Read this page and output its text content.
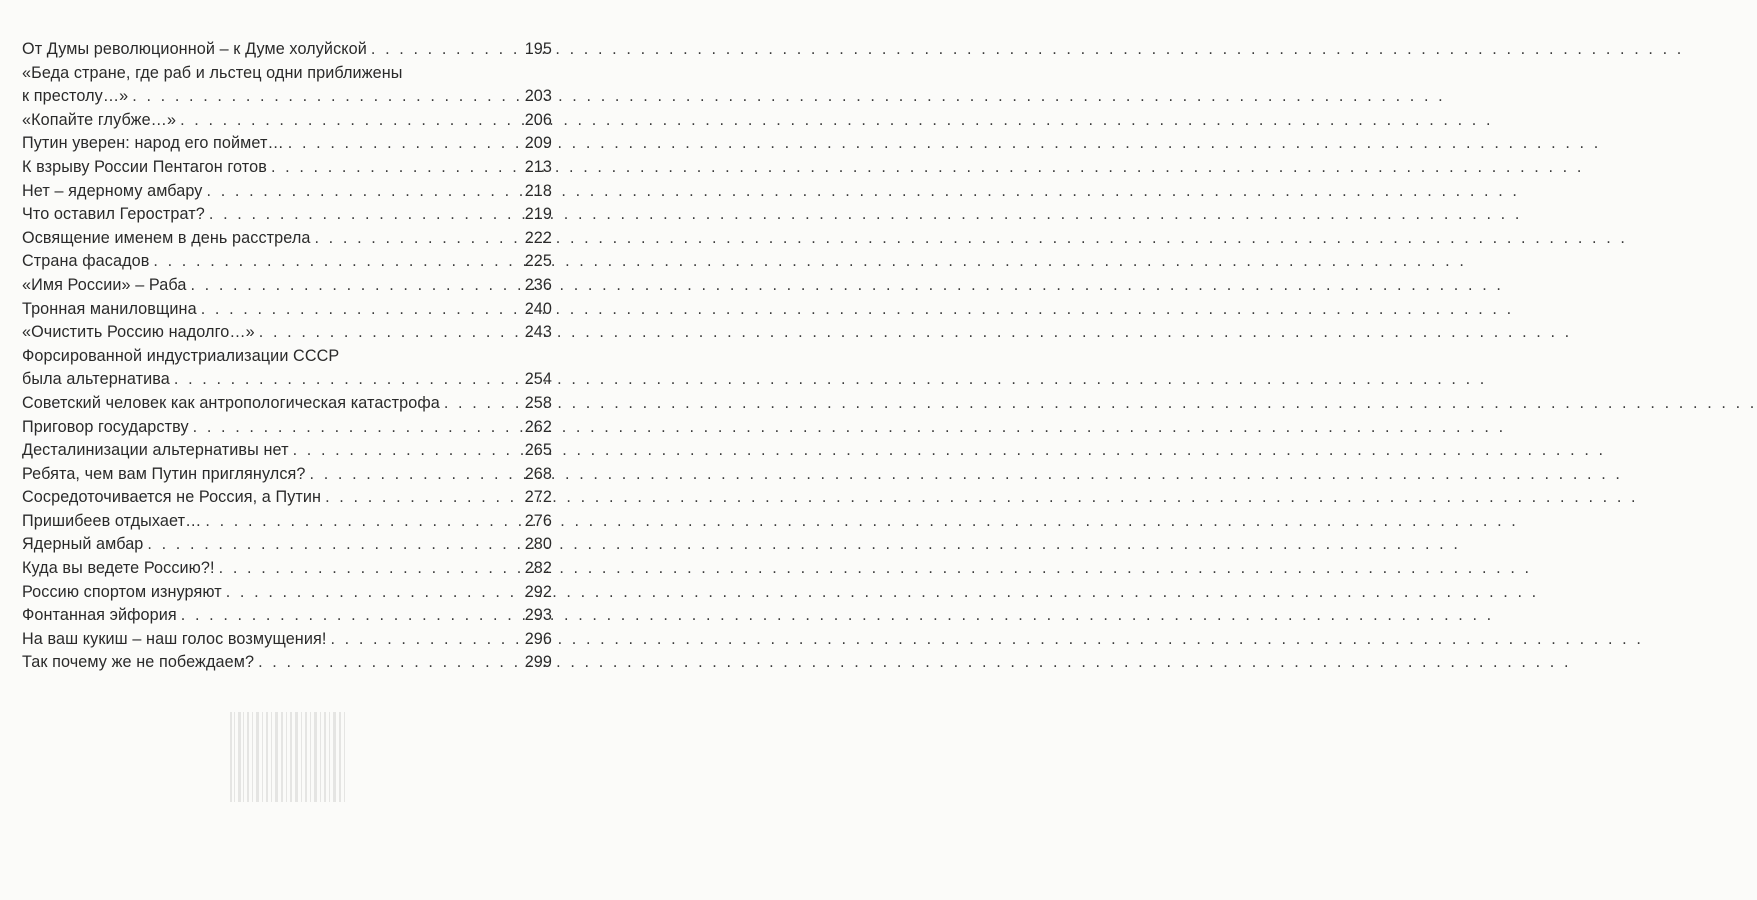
От Думы революционной – к Думе холуйской . . .	195
«Беда стране, где раб и льстец одни приближены
к престолу…» . . .	203
«Копайте глубже…» . . .	206
Путин уверен: народ его поймет… . . .	209
К взрыву России Пентагон готов . . .	213
Нет – ядерному амбару . . .	218
Что оставил Герострат? . . .	219
Освящение именем в день расстрела . . .	222
Страна фасадов . . .	225
«Имя России» – Раба . . .	236
Тронная маниловщина . . .	240
«Очистить Россию надолго…» . . .	243
Форсированной индустриализации СССР
была альтернатива . . .	254
Советский человек как антропологическая катастрофа . . .	258
Приговор государству . . .	262
Десталинизации альтернативы нет . . .	265
Ребята, чем вам Путин приглянулся? . . .	268
Сосредоточивается не Россия, а Путин . . .	272
Пришибеев отдыхает… . . .	276
Ядерный амбар . . .	280
Куда вы ведете Россию?! . . .	282
Россию спортом изнуряют . . .	292
Фонтанная эйфория . . .	293
На ваш кукиш – наш голос возмущения! . . .	296
Так почему же не побеждаем? . . .	299
